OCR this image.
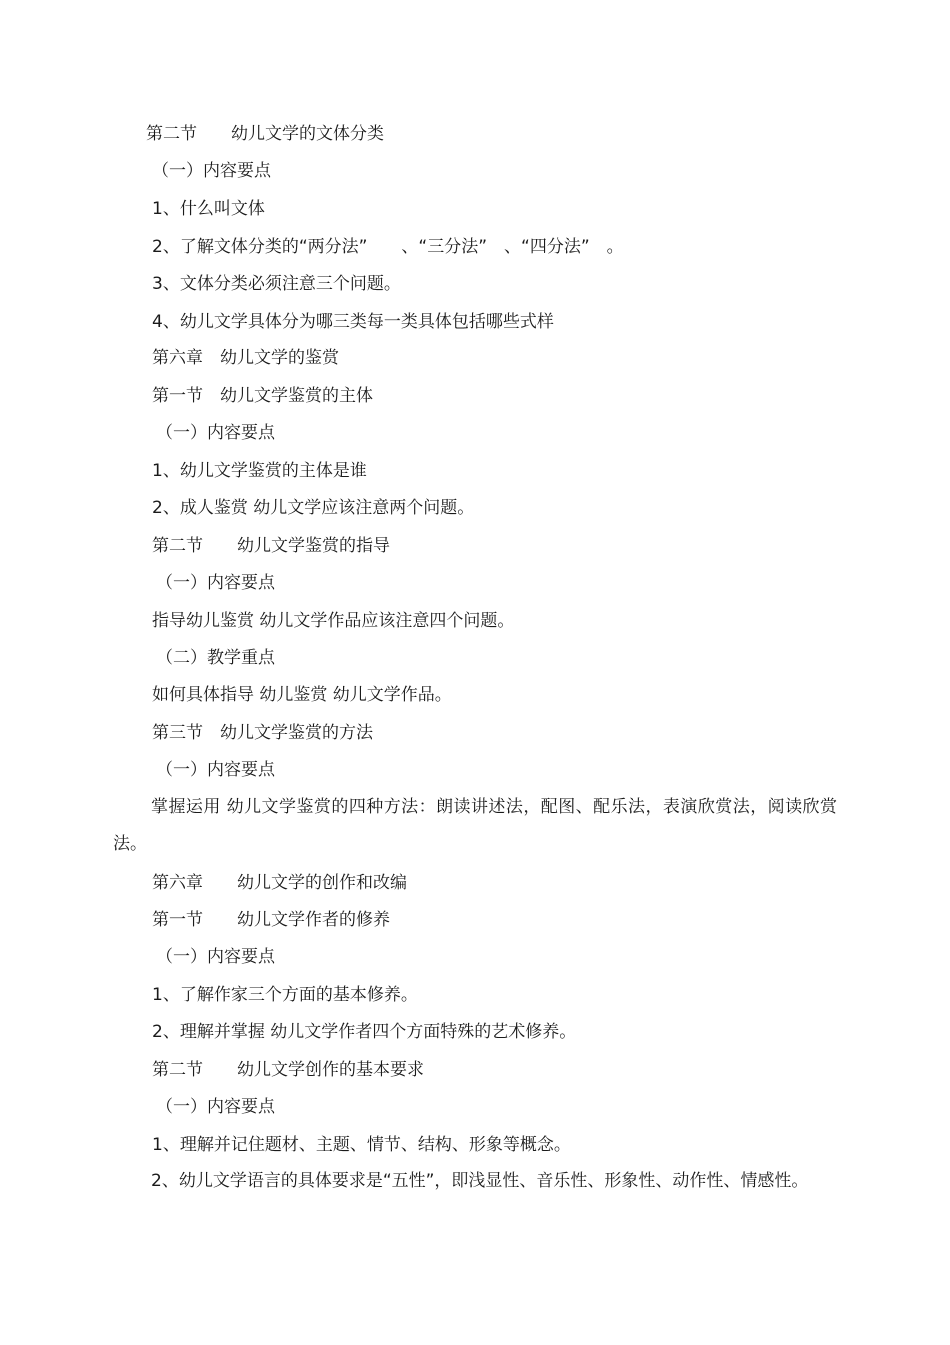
第二节　　幼儿文学的文体分类
（一）内容要点
1、什么叫文体
2、了解文体分类的“两分法”　　、“三分法”　、“四分法”　。
3、文体分类必须注意三个问题。
4、幼儿文学具体分为哪三类每一类具体包括哪些式样
第六章　幼儿文学的鉴赏
第一节　幼儿文学鉴赏的主体
（一）内容要点
1、幼儿文学鉴赏的主体是谁
2、成人鉴赏 幼儿文学应该注意两个问题。
第二节　　幼儿文学鉴赏的指导
（一）内容要点
指导幼儿鉴赏 幼儿文学作品应该注意四个问题。
（二）教学重点
如何具体指导 幼儿鉴赏 幼儿文学作品。
第三节　幼儿文学鉴赏的方法
（一）内容要点
掌握运用 幼儿文学鉴赏的四种方法：朗读讲述法，配图、配乐法，表演欣赏法，阅读欣赏法。
第六章　　幼儿文学的创作和改编
第一节　　幼儿文学作者的修养
（一）内容要点
1、了解作家三个方面的基本修养。
2、理解并掌握 幼儿文学作者四个方面特殊的艺术修养。
第二节　　幼儿文学创作的基本要求
（一）内容要点
1、理解并记住题材、主题、情节、结构、形象等概念。
2、幼儿文学语言的具体要求是“五性”，即浅显性、音乐性、形象性、动作性、情感性。
